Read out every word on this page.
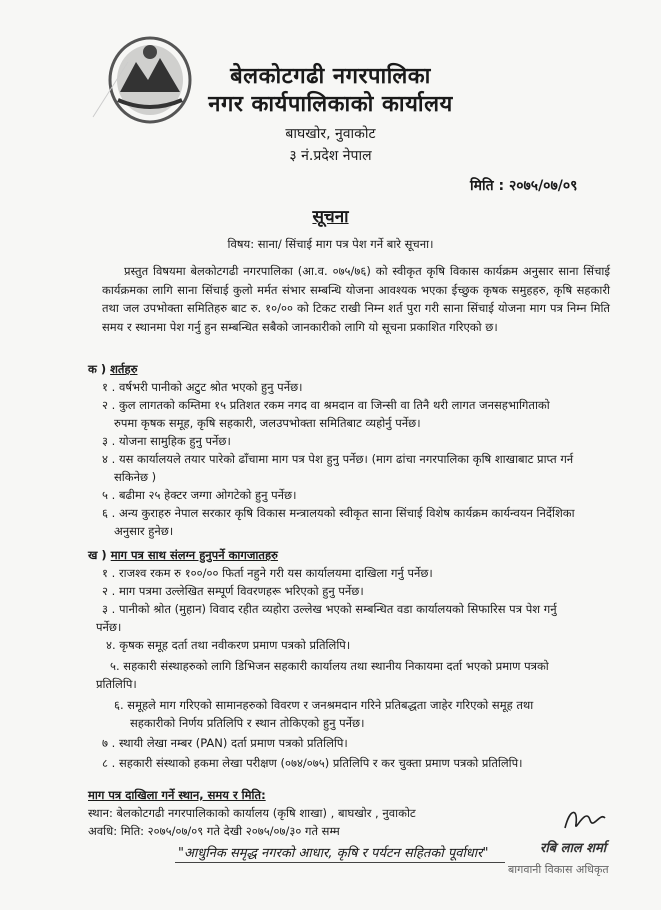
बेलकोटगढी नगरपालिका
नगर कार्यपालिकाको कार्यालय
बाघखोर, नुवाकोट
३ नं.प्रदेश नेपाल
मिति : २०७५/०७/०९
सूचना
विषय: साना/ सिंचाई माग पत्र पेश गर्ने बारे सूचना।
प्रस्तुत विषयमा बेलकोटगढी नगरपालिका (आ.व. ०७५/७६) को स्वीकृत कृषि विकास कार्यक्रम अनुसार साना सिंचाई कार्यक्रमका लागि साना सिंचाई कुलो मर्मत संभार सम्बन्धि योजना आवश्यक भएका ईच्छुक कृषक समुहहरु, कृषि सहकारी तथा जल उपभोक्ता समितिहरु बाट रु. १०/०० को टिकट राखी निम्न शर्त पुरा गरी साना सिंचाई योजना माग पत्र निम्न मिति समय र स्थानमा पेश गर्नु हुन सम्बन्धित सबैको जानकारीको लागि यो सूचना प्रकाशित गरिएको छ।
क ) शर्तहरु
१ . वर्षभरी पानीको अटुट श्रोत भएको हुनु पर्नेछ।
२ . कुल लागतको कम्तिमा १५ प्रतिशत रकम नगद वा श्रमदान वा जिन्सी वा तिनै थरी लागत जनसहभागिताको
रुपमा कृषक समूह, कृषि सहकारी, जलउपभोक्ता समितिबाट व्यहोर्नु पर्नेछ।
३ . योजना सामुहिक हुनु पर्नेछ।
४ . यस कार्यालयले तयार पारेको ढाँचामा माग पत्र पेश हुनु पर्नेछ। (माग ढांचा नगरपालिका कृषि शाखाबाट प्राप्त गर्न
सकिनेछ )
५ . बढीमा २५ हेक्टर जग्गा ओगटेको हुनु पर्नेछ।
६ . अन्य कुराहरु नेपाल सरकार कृषि विकास मन्त्रालयको स्वीकृत साना सिंचाई विशेष कार्यक्रम कार्यन्वयन निर्देशिका
अनुसार हुनेछ।
ख ) माग पत्र साथ संलग्न हुनुपर्ने कागजातहरु
१ . राजश्व रकम रु १००/०० फिर्ता नहुने गरी यस कार्यालयमा दाखिला गर्नु पर्नेछ।
२ . माग पत्रमा उल्लेखित सम्पूर्ण विवरणहरू भरिएको हुनु पर्नेछ।
३ . पानीको श्रोत (मुहान) विवाद रहीत व्यहोरा उल्लेख भएको सम्बन्धित वडा कार्यालयको सिफारिस पत्र पेश गर्नु
पर्नेछ।
४. कृषक समूह दर्ता तथा नवीकरण प्रमाण पत्रको प्रतिलिपि।
५. सहकारी संस्थाहरुको लागि डिभिजन सहकारी कार्यालय तथा स्थानीय निकायमा दर्ता भएको प्रमाण पत्रको
प्रतिलिपि।
६. समूहले माग गरिएको सामानहरुको विवरण र जनश्रमदान गरिने प्रतिबद्धता जाहेर गरिएको समूह तथा
सहकारीको निर्णय प्रतिलिपि र स्थान तोकिएको हुनु पर्नेछ।
७ . स्थायी लेखा नम्बर (PAN) दर्ता प्रमाण पत्रको प्रतिलिपि।
८ . सहकारी संस्थाको हकमा लेखा परीक्षण (०७४/०७५) प्रतिलिपि र कर चुक्ता प्रमाण पत्रको प्रतिलिपि।
माग पत्र दाखिला गर्ने स्थान, समय र मिति:
स्थान: बेलकोटगढी नगरपालिकाको कार्यालय (कृषि शाखा) , बाघखोर , नुवाकोट
अवधि: मिति: २०७५/०७/०९ गते देखी २०७५/०७/३० गते सम्म
रबि लाल शर्मा
बागवानी विकास अधिकृत
"आधुनिक समृद्ध नगरको आधार, कृषि र पर्यटन सहितको पूर्वाधार"
